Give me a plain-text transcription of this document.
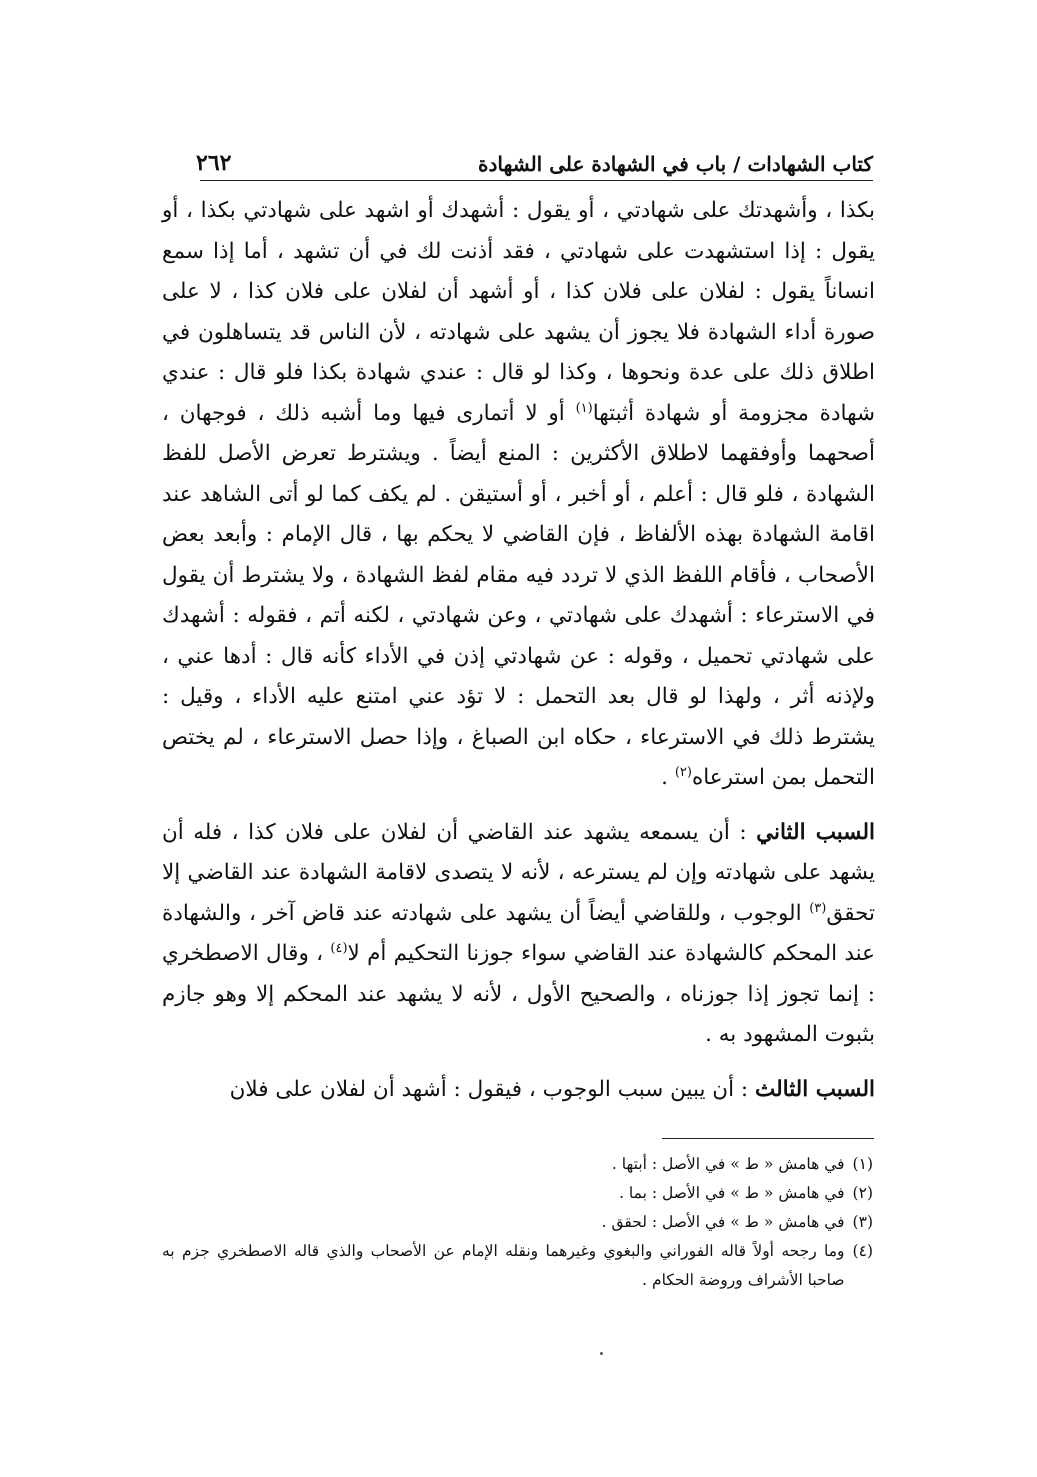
كتاب الشهادات / باب في الشهادة على الشهادة
٢٦٢

بكذا ، وأشهدتك على شهادتي ، أو يقول : أشهدك أو اشهد على شهادتي بكذا ، أو يقول : إذا استشهدت على شهادتي ، فقد أذنت لك في أن تشهد ، أما إذا سمع انساناً يقول : لفلان على فلان كذا ، أو أشهد أن لفلان على فلان كذا ، لا على صورة أداء الشهادة فلا يجوز أن يشهد على شهادته ، لأن الناس قد يتساهلون في اطلاق ذلك على عدة ونحوها ، وكذا لو قال : عندي شهادة بكذا فلو قال : عندي شهادة مجزومة أو شهادة أثبتها$^{(١)}$ أو لا أتمارى فيها وما أشبه ذلك ، فوجهان ، أصحهما وأوفقهما لاطلاق الأكثرين : المنع أيضاً . ويشترط تعرض الأصل للفظ الشهادة ، فلو قال : أعلم ، أو أخبر ، أو أستيقن . لم يكف كما لو أتى الشاهد عند اقامة الشهادة بهذه الألفاظ ، فإن القاضي لا يحكم بها ، قال الإمام : وأبعد بعض الأصحاب ، فأقام اللفظ الذي لا تردد فيه مقام لفظ الشهادة ، ولا يشترط أن يقول في الاسترعاء : أشهدك على شهادتي ، وعن شهادتي ، لكنه أتم ، فقوله : أشهدك على شهادتي تحميل ، وقوله : عن شهادتي إذن في الأداء كأنه قال : أدها عني ، ولإذنه أثر ، ولهذا لو قال بعد التحمل : لا تؤد عني امتنع عليه الأداء ، وقيل : يشترط ذلك في الاسترعاء ، حكاه ابن الصباغ ، وإذا حصل الاسترعاء ، لم يختص التحمل بمن استرعاه$^{(٢)}$ .

السبب الثاني : أن يسمعه يشهد عند القاضي أن لفلان على فلان كذا ، فله أن يشهد على شهادته وإن لم يسترعه ، لأنه لا يتصدى لاقامة الشهادة عند القاضي إلا تحقق$^{(٣)}$ الوجوب ، وللقاضي أيضاً أن يشهد على شهادته عند قاض آخر ، والشهادة عند المحكم كالشهادة عند القاضي سواء جوزنا التحكيم أم لا$^{(٤)}$ ، وقال الاصطخري : إنما تجوز إذا جوزناه ، والصحيح الأول ، لأنه لا يشهد عند المحكم إلا وهو جازم بثبوت المشهود به .

السبب الثالث : أن يبين سبب الوجوب ، فيقول : أشهد أن لفلان على فلان

(١)
في هامش « ط » في الأصل : أبتها .
(٢)
في هامش « ط » في الأصل : بما .
(٣)
في هامش « ط » في الأصل : لحقق .
(٤)
وما رجحه أولاً قاله الفوراني والبغوي وغيرهما ونقله الإمام عن الأصحاب والذي قاله الاصطخري جزم به صاحبا الأشراف وروضة الحكام .
